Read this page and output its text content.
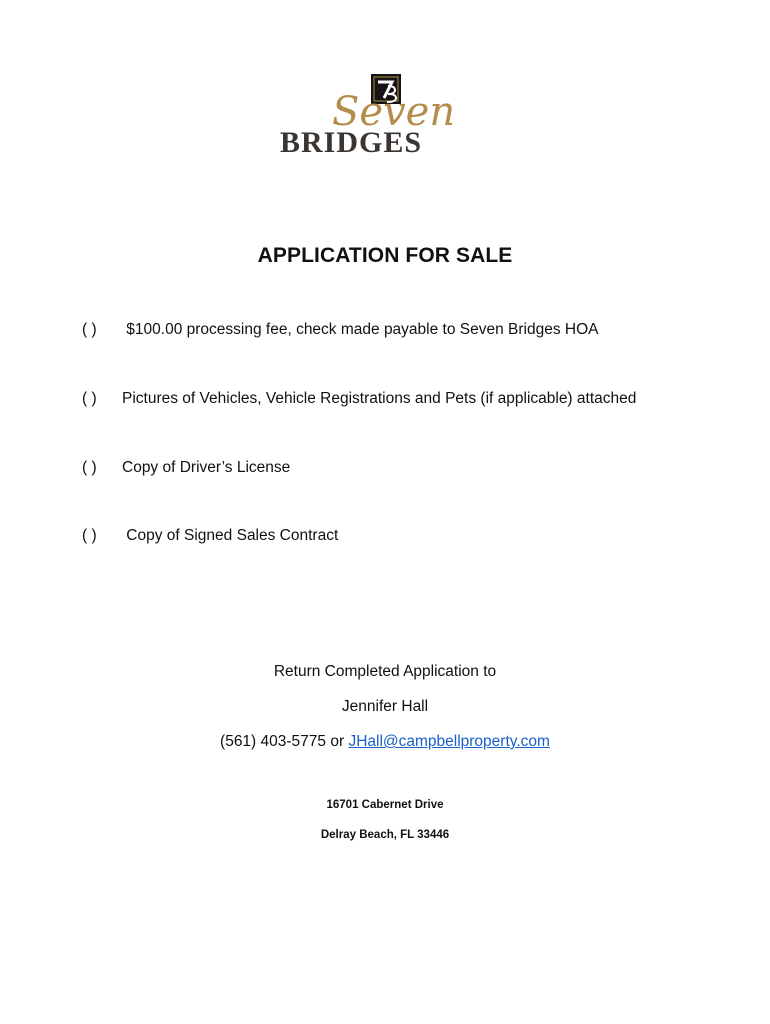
Seven
BRIDGES
APPLICATION FOR SALE
( ) $100.00 processing fee, check made payable to Seven Bridges HOA
( ) Pictures of Vehicles, Vehicle Registrations and Pets (if applicable) attached
( ) Copy of Driver’s License
( ) Copy of Signed Sales Contract
Return Completed Application to
Jennifer Hall
(561) 403-5775 or JHall@campbellproperty.com
16701 Cabernet Drive
Delray Beach, FL 33446
